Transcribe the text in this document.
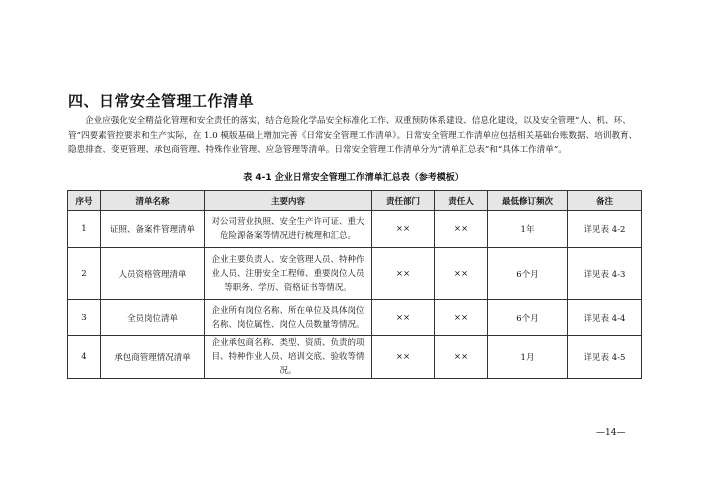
四、日常安全管理工作清单

企业应强化安全精益化管理和安全责任的落实，结合危险化学品安全标准化工作、双重预防体系建设、信息化建设，以及安全管理“人、机、环、管”四要素管控要求和生产实际，在 1.0 模版基础上增加完善《日常安全管理工作清单》。日常安全管理工作清单应包括相关基础台账数据、培训教育、隐患排查、变更管理、承包商管理、特殊作业管理、应急管理等清单。日常安全管理工作清单分为“清单汇总表”和“具体工作清单”。

表 4-1 企业日常安全管理工作清单汇总表（参考模板）
序号	清单名称	主要内容	责任部门	责任人	最低修订频次	备注
1	证照、备案件管理清单	对公司营业执照、安全生产许可证、重大危险源备案等情况进行梳理和汇总。	××	××	1年	详见表 4-2
2	人员资格管理清单	企业主要负责人、安全管理人员、特种作业人员、注册安全工程师、重要岗位人员等职务、学历、资格证书等情况。	××	××	6个月	详见表 4-3
3	全员岗位清单	企业所有岗位名称、所在单位及具体岗位名称、岗位属性、岗位人员数量等情况。	××	××	6个月	详见表 4-4
4	承包商管理情况清单	企业承包商名称、类型、资质、负责的项目、特种作业人员、培训交底、验收等情况。	××	××	1月	详见表 4-5
—14—
